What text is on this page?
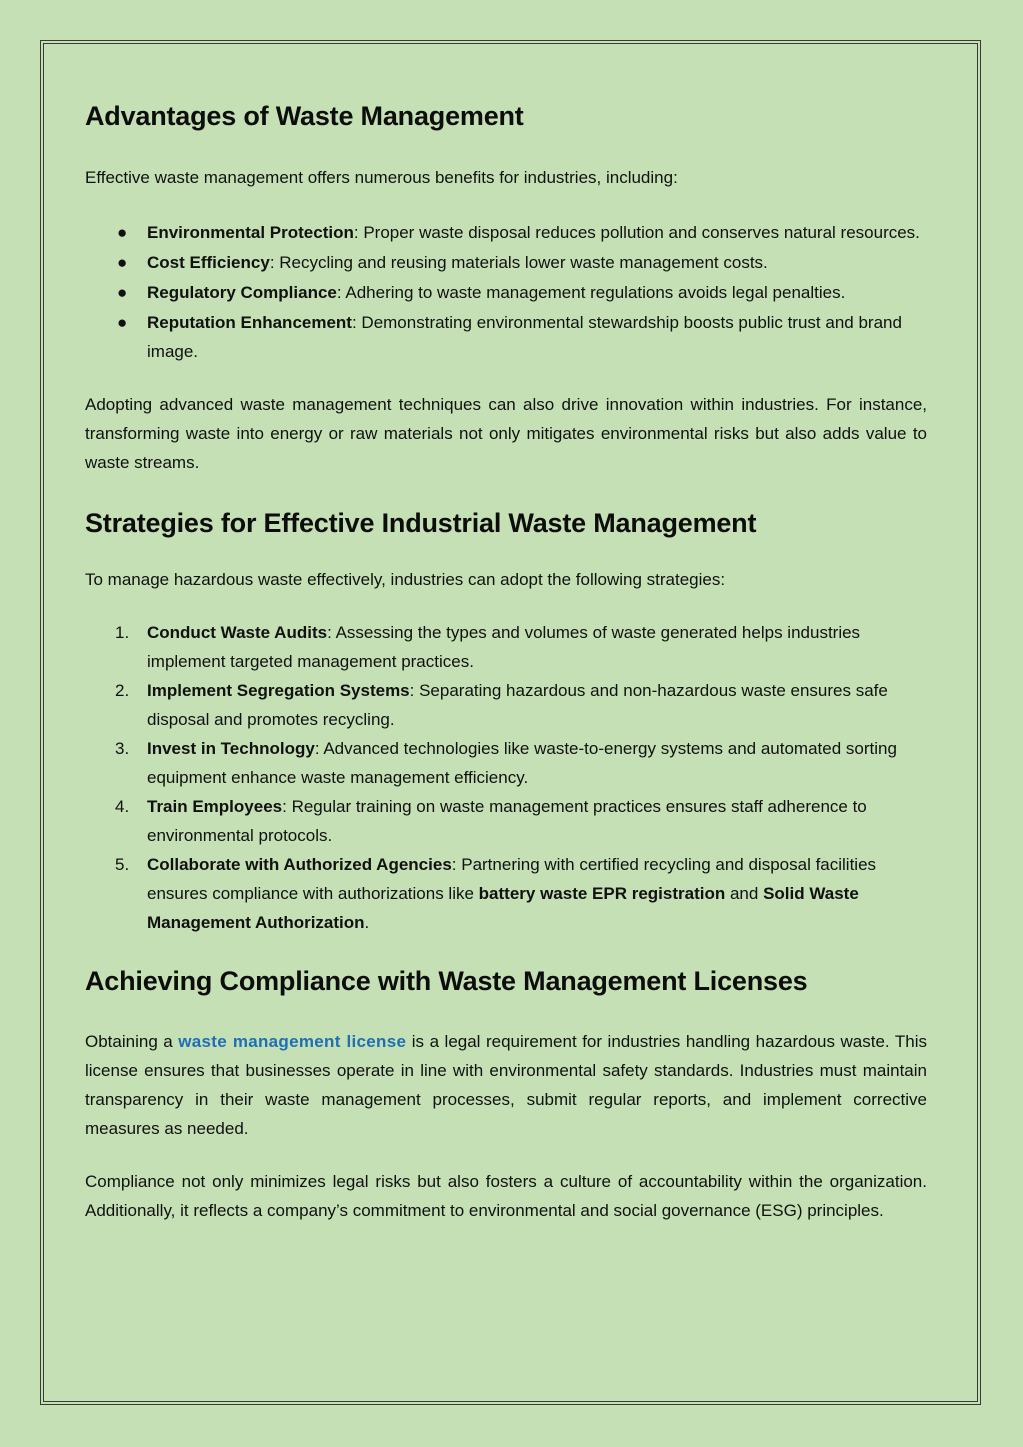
Advantages of Waste Management

Effective waste management offers numerous benefits for industries, including:

●	Environmental Protection: Proper waste disposal reduces pollution and conserves natural resources.
●	Cost Efficiency: Recycling and reusing materials lower waste management costs.
●	Regulatory Compliance: Adhering to waste management regulations avoids legal penalties.
●	Reputation Enhancement: Demonstrating environmental stewardship boosts public trust and brand image.

Adopting advanced waste management techniques can also drive innovation within industries. For instance, transforming waste into energy or raw materials not only mitigates environmental risks but also adds value to waste streams.

Strategies for Effective Industrial Waste Management

To manage hazardous waste effectively, industries can adopt the following strategies:

1.	Conduct Waste Audits: Assessing the types and volumes of waste generated helps industries implement targeted management practices.
2.	Implement Segregation Systems: Separating hazardous and non-hazardous waste ensures safe disposal and promotes recycling.
3.	Invest in Technology: Advanced technologies like waste-to-energy systems and automated sorting equipment enhance waste management efficiency.
4.	Train Employees: Regular training on waste management practices ensures staff adherence to environmental protocols.
5.	Collaborate with Authorized Agencies: Partnering with certified recycling and disposal facilities ensures compliance with authorizations like battery waste EPR registration and Solid Waste Management Authorization.
Achieving Compliance with Waste Management Licenses

Obtaining a waste management license is a legal requirement for industries handling hazardous waste. This license ensures that businesses operate in line with environmental safety standards. Industries must maintain transparency in their waste management processes, submit regular reports, and implement corrective measures as needed.

Compliance not only minimizes legal risks but also fosters a culture of accountability within the organization. Additionally, it reflects a company’s commitment to environmental and social governance (ESG) principles.
